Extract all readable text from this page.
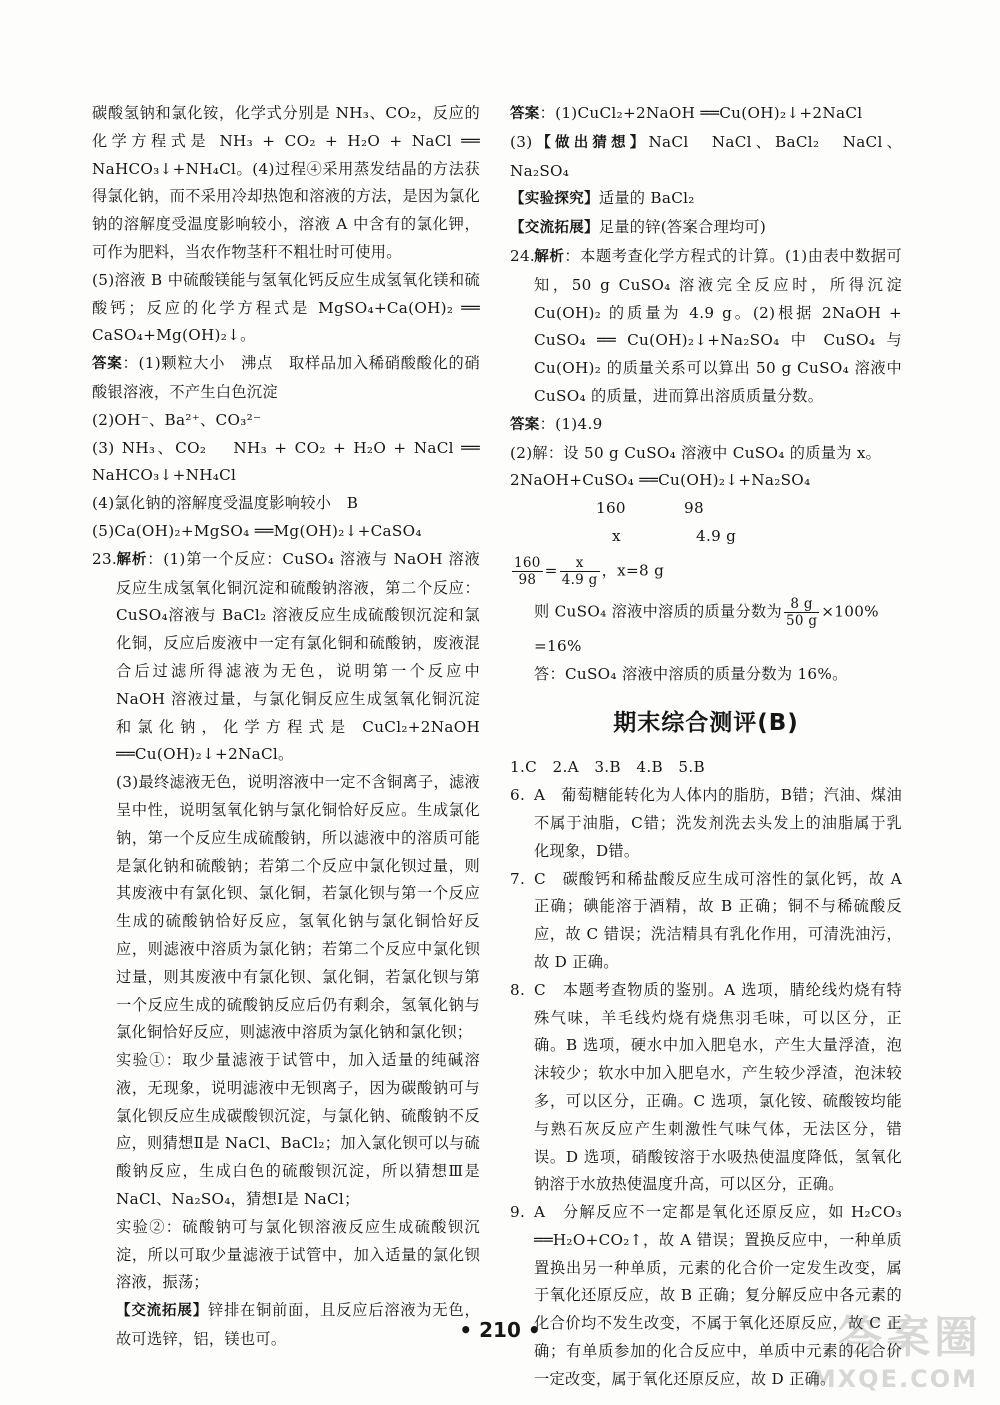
碳酸氢钠和氯化铵，化学式分别是 NH₃、CO₂，反应的化学方程式是 NH₃ + CO₂ + H₂O + NaCl ══ NaHCO₃↓+NH₄Cl。(4)过程④采用蒸发结晶的方法获得氯化钠，而不采用冷却热饱和溶液的方法，是因为氯化钠的溶解度受温度影响较小，溶液 A 中含有的氯化钾，可作为肥料，当农作物茎秆不粗壮时可使用。

(5)溶液 B 中硫酸镁能与氢氧化钙反应生成氢氧化镁和硫酸钙；反应的化学方程式是 MgSO₄+Ca(OH)₂ ══ CaSO₄+Mg(OH)₂↓。

答案：(1)颗粒大小　沸点　取样品加入稀硝酸酸化的硝酸银溶液，不产生白色沉淀

(2)OH⁻、Ba²⁺、CO₃²⁻

(3) NH₃、CO₂　 NH₃ + CO₂ + H₂O + NaCl ══ NaHCO₃↓+NH₄Cl

(4)氯化钠的溶解度受温度影响较小　B

(5)Ca(OH)₂+MgSO₄ ══Mg(OH)₂↓+CaSO₄

23.解析：(1)第一个反应：CuSO₄ 溶液与 NaOH 溶液反应生成氢氧化铜沉淀和硫酸钠溶液，第二个反应：CuSO₄溶液与 BaCl₂ 溶液反应生成硫酸钡沉淀和氯化铜，反应后废液中一定有氯化铜和硫酸钠，废液混合后过滤所得滤液为无色，说明第一个反应中 NaOH 溶液过量，与氯化铜反应生成氢氧化铜沉淀和氯化钠，化学方程式是 CuCl₂+2NaOH ══Cu(OH)₂↓+2NaCl。

(3)最终滤液无色，说明溶液中一定不含铜离子，滤液呈中性，说明氢氧化钠与氯化铜恰好反应。生成氯化钠，第一个反应生成硫酸钠，所以滤液中的溶质可能是氯化钠和硫酸钠；若第二个反应中氯化钡过量，则其废液中有氯化钡、氯化铜，若氯化钡与第一个反应生成的硫酸钠恰好反应，氢氧化钠与氯化铜恰好反应，则滤液中溶质为氯化钠；若第二个反应中氯化钡过量，则其废液中有氯化钡、氯化铜，若氯化钡与第一个反应生成的硫酸钠反应后仍有剩余，氢氧化钠与氯化铜恰好反应，则滤液中溶质为氯化钠和氯化钡；

实验①：取少量滤液于试管中，加入适量的纯碱溶液，无现象，说明滤液中无钡离子，因为碳酸钠可与氯化钡反应生成碳酸钡沉淀，与氯化钠、硫酸钠不反应，则猜想Ⅱ是 NaCl、BaCl₂；加入氯化钡可以与硫酸钠反应，生成白色的硫酸钡沉淀，所以猜想Ⅲ是 NaCl、Na₂SO₄，猜想Ⅰ是 NaCl；

实验②：硫酸钠可与氯化钡溶液反应生成硫酸钡沉淀，所以可取少量滤液于试管中，加入适量的氯化钡溶液，振荡；

【交流拓展】锌排在铜前面，且反应后溶液为无色，故可选锌，铝，镁也可。

答案：(1)CuCl₂+2NaOH ══Cu(OH)₂↓+2NaCl

(3)【做出猜想】NaCl　NaCl、BaCl₂　NaCl、Na₂SO₄

【实验探究】适量的 BaCl₂

【交流拓展】足量的锌(答案合理均可)

24.解析：本题考查化学方程式的计算。(1)由表中数据可知，50 g CuSO₄ 溶液完全反应时，所得沉淀 Cu(OH)₂ 的质量为 4.9 g。(2)根据 2NaOH + CuSO₄ ══ Cu(OH)₂↓+Na₂SO₄ 中 CuSO₄ 与 Cu(OH)₂ 的质量关系可以算出 50 g CuSO₄ 溶液中 CuSO₄ 的质量，进而算出溶质质量分数。

答案：(1)4.9

(2)解：设 50 g CuSO₄ 溶液中 CuSO₄ 的质量为 x。

2NaOH+CuSO₄ ══Cu(OH)₂↓+Na₂SO₄

160	98

x	4.9 g

$\frac{160}{98} = \frac{x}{4.9 g}$ ，x=8 g

则 CuSO₄ 溶液中溶质的质量分数为 $\frac{8 g}{50 g} \times 100\%$

=16%

答：CuSO₄ 溶液中溶质的质量分数为 16%。

期末综合测评(B)

1.C　2.A　3.B　4.B　5.B

6. A　葡萄糖能转化为人体内的脂肪，B错；汽油、煤油不属于油脂，C错；洗发剂洗去头发上的油脂属于乳化现象，D错。

7. C　碳酸钙和稀盐酸反应生成可溶性的氯化钙，故 A 正确；碘能溶于酒精，故 B 正确；铜不与稀硫酸反应，故 C 错误；洗洁精具有乳化作用，可清洗油污，故 D 正确。

8. C　本题考查物质的鉴别。A 选项，腈纶线灼烧有特殊气味，羊毛线灼烧有烧焦羽毛味，可以区分，正确。B 选项，硬水中加入肥皂水，产生大量浮渣，泡沫较少；软水中加入肥皂水，产生较少浮渣，泡沫较多，可以区分，正确。C 选项，氯化铵、硫酸铵均能与熟石灰反应产生刺激性气味气体，无法区分，错误。D 选项，硝酸铵溶于水吸热使温度降低，氢氧化钠溶于水放热使温度升高，可以区分，正确。

9. A　分解反应不一定都是氧化还原反应，如 H₂CO₃ ══H₂O+CO₂↑，故 A 错误；置换反应中，一种单质置换出另一种单质，元素的化合价一定发生改变，属于氧化还原反应，故 B 正确；复分解反应中各元素的化合价均不发生改变，不属于氧化还原反应，故 C 正确；有单质参加的化合反应中，单质中元素的化合价一定改变，属于氧化还原反应，故 D 正确。

• 210 •	答案圈
MXQE.COM
